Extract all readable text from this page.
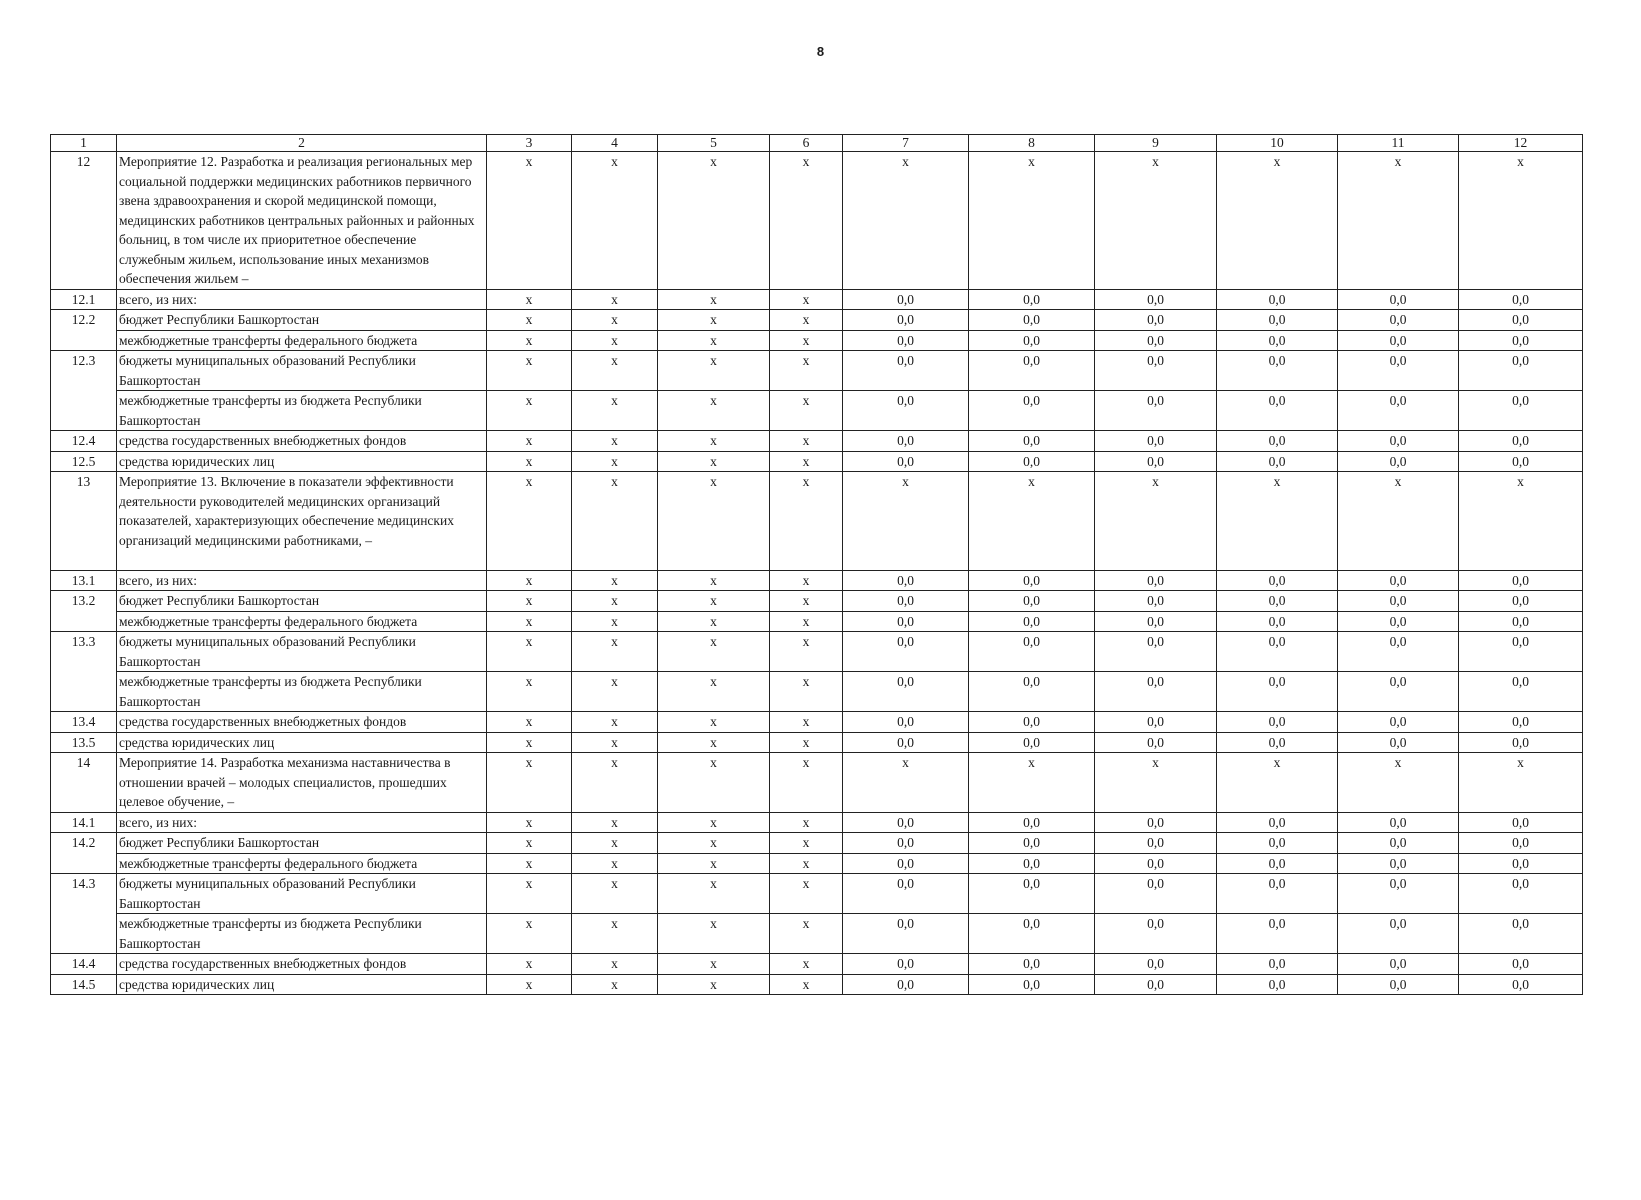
8
1	2	3	4	5	6	7	8	9	10	11	12
12	Мероприятие 12. Разработка и реализация региональных мер социальной поддержки медицинских работников первичного звена здравоохранения и скорой медицинской помощи, медицинских работников центральных районных и районных больниц, в том числе их приоритетное обеспечение служебным жильем, использование иных механизмов обеспечения жильем –	x	x	x	x	x	x	x	x	x	x
12.1	всего, из них:	x	x	x	x	0,0	0,0	0,0	0,0	0,0	0,0
12.2	бюджет Республики Башкортостан	x	x	x	x	0,0	0,0	0,0	0,0	0,0	0,0
	межбюджетные трансферты федерального бюджета	x	x	x	x	0,0	0,0	0,0	0,0	0,0	0,0
12.3	бюджеты муниципальных образований Республики Башкортостан	x	x	x	x	0,0	0,0	0,0	0,0	0,0	0,0
	межбюджетные трансферты из бюджета Республики Башкортостан	x	x	x	x	0,0	0,0	0,0	0,0	0,0	0,0
12.4	средства государственных внебюджетных фондов	x	x	x	x	0,0	0,0	0,0	0,0	0,0	0,0
12.5	средства юридических лиц	x	x	x	x	0,0	0,0	0,0	0,0	0,0	0,0
13	Мероприятие 13. Включение в показатели эффективности деятельности руководителей медицинских организаций показателей, характеризующих обеспечение медицинских организаций медицинскими работниками, –	x	x	x	x	x	x	x	x	x	x
13.1	всего, из них:	x	x	x	x	0,0	0,0	0,0	0,0	0,0	0,0
13.2	бюджет Республики Башкортостан	x	x	x	x	0,0	0,0	0,0	0,0	0,0	0,0
	межбюджетные трансферты федерального бюджета	x	x	x	x	0,0	0,0	0,0	0,0	0,0	0,0
13.3	бюджеты муниципальных образований Республики Башкортостан	x	x	x	x	0,0	0,0	0,0	0,0	0,0	0,0
	межбюджетные трансферты из бюджета Республики Башкортостан	x	x	x	x	0,0	0,0	0,0	0,0	0,0	0,0
13.4	средства государственных внебюджетных фондов	x	x	x	x	0,0	0,0	0,0	0,0	0,0	0,0
13.5	средства юридических лиц	x	x	x	x	0,0	0,0	0,0	0,0	0,0	0,0
14	Мероприятие 14. Разработка механизма наставничества в отношении врачей – молодых специалистов, прошедших целевое обучение, –	x	x	x	x	x	x	x	x	x	x
14.1	всего, из них:	x	x	x	x	0,0	0,0	0,0	0,0	0,0	0,0
14.2	бюджет Республики Башкортостан	x	x	x	x	0,0	0,0	0,0	0,0	0,0	0,0
	межбюджетные трансферты федерального бюджета	x	x	x	x	0,0	0,0	0,0	0,0	0,0	0,0
14.3	бюджеты муниципальных образований Республики Башкортостан	x	x	x	x	0,0	0,0	0,0	0,0	0,0	0,0
	межбюджетные трансферты из бюджета Республики Башкортостан	x	x	x	x	0,0	0,0	0,0	0,0	0,0	0,0
14.4	средства государственных внебюджетных фондов	x	x	x	x	0,0	0,0	0,0	0,0	0,0	0,0
14.5	средства юридических лиц	x	x	x	x	0,0	0,0	0,0	0,0	0,0	0,0
